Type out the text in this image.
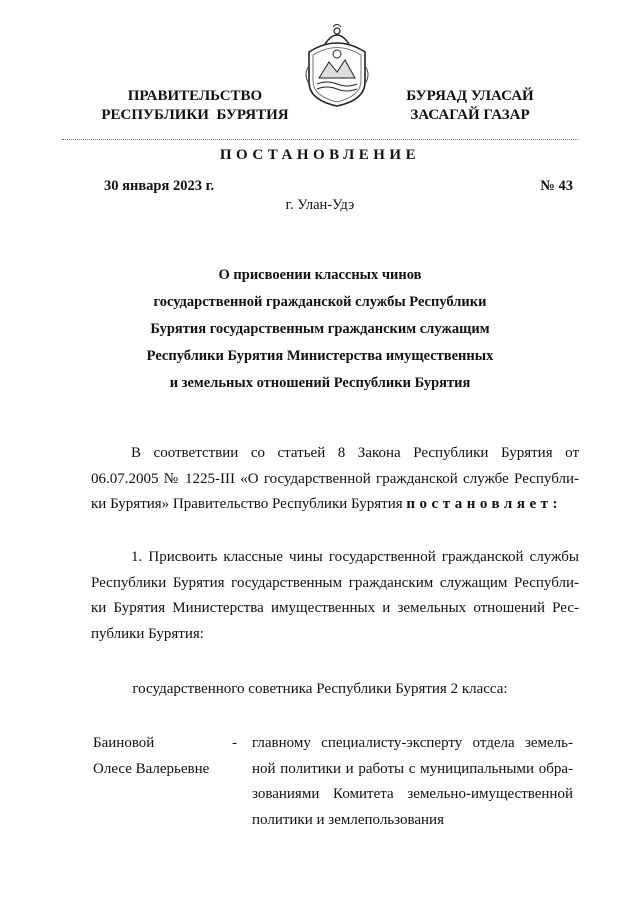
ПРАВИТЕЛЬСТВО
РЕСПУБЛИКИ  БУРЯТИЯ
БУРЯАД УЛАСАЙ
ЗАСАГАЙ ГАЗАР
ПОСТАНОВЛЕНИЕ
30 января 2023 г.	№ 43
г. Улан-Удэ
О присвоении классных чинов
государственной гражданской службы Республики
Бурятия государственным гражданским служащим
Республики Бурятия Министерства имущественных
и земельных отношений Республики Бурятия
В соответствии со статьей 8 Закона Республики Бурятия от
06.07.2005 № 1225-III «О государственной гражданской службе Республи-
ки Бурятия» Правительство Республики Бурятия постановляет:
1. Присвоить классные чины государственной гражданской службы
Республики Бурятия государственным гражданским служащим Республи-
ки Бурятия Министерства имущественных и земельных отношений Рес-
публики Бурятия:
государственного советника Республики Бурятия 2 класса:
Баиновой
Олесе Валерьевне
- главному специалисту-эксперту отдела земель-
ной политики и работы с муниципальными обра-
зованиями Комитета земельно-имущественной
политики и землепользования
